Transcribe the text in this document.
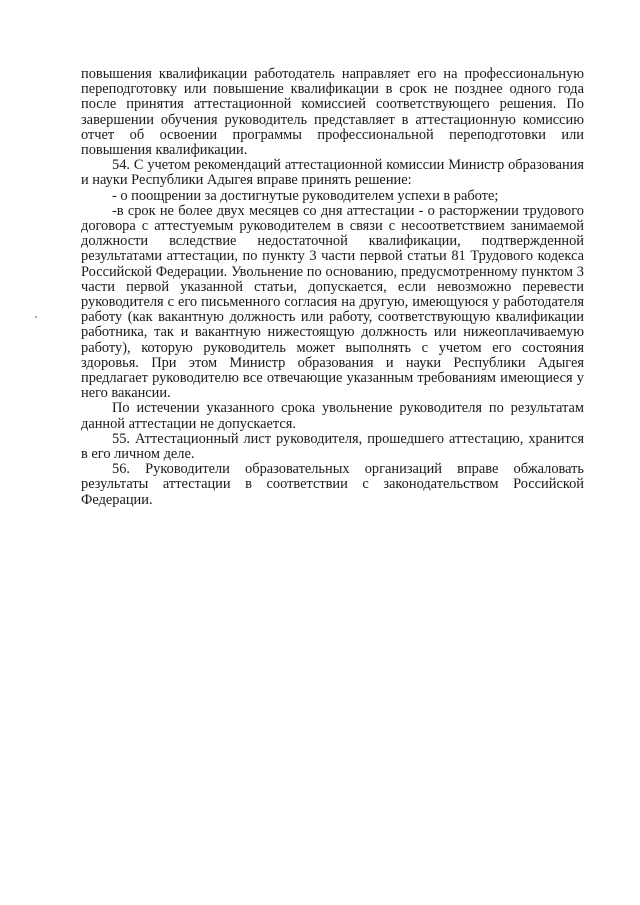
повышения квалификации работодатель направляет его на профессиональную переподготовку или повышение квалификации в срок не позднее одного года после принятия аттестационной комиссией соответствующего решения. По завершении обучения руководитель представляет в аттестационную комиссию отчет об освоении программы профессиональной переподготовки или повышения квалификации.

54. С учетом рекомендаций аттестационной комиссии Министр образования и науки Республики Адыгея вправе принять решение:

- о поощрении за достигнутые руководителем успехи в работе;

-в срок не более двух месяцев со дня аттестации - о расторжении трудового договора с аттестуемым руководителем в связи с несоответствием занимаемой должности вследствие недостаточной квалификации, подтвержденной результатами аттестации, по пункту 3 части первой статьи 81 Трудового кодекса Российской Федерации. Увольнение по основанию, предусмотренному пунктом 3 части первой указанной статьи, допускается, если невозможно перевести руководителя с его письменного согласия на другую, имеющуюся у работодателя работу (как вакантную должность или работу, соответствующую квалификации работника, так и вакантную нижестоящую должность или нижеоплачиваемую работу), которую руководитель может выполнять с учетом его состояния здоровья. При этом Министр образования и науки Республики Адыгея предлагает руководителю все отвечающие указанным требованиям имеющиеся у него вакансии.

По истечении указанного срока увольнение руководителя по результатам данной аттестации не допускается.

55. Аттестационный лист руководителя, прошедшего аттестацию, хранится в его личном деле.

56. Руководители образовательных организаций вправе обжаловать результаты аттестации в соответствии с законодательством Российской Федерации.
